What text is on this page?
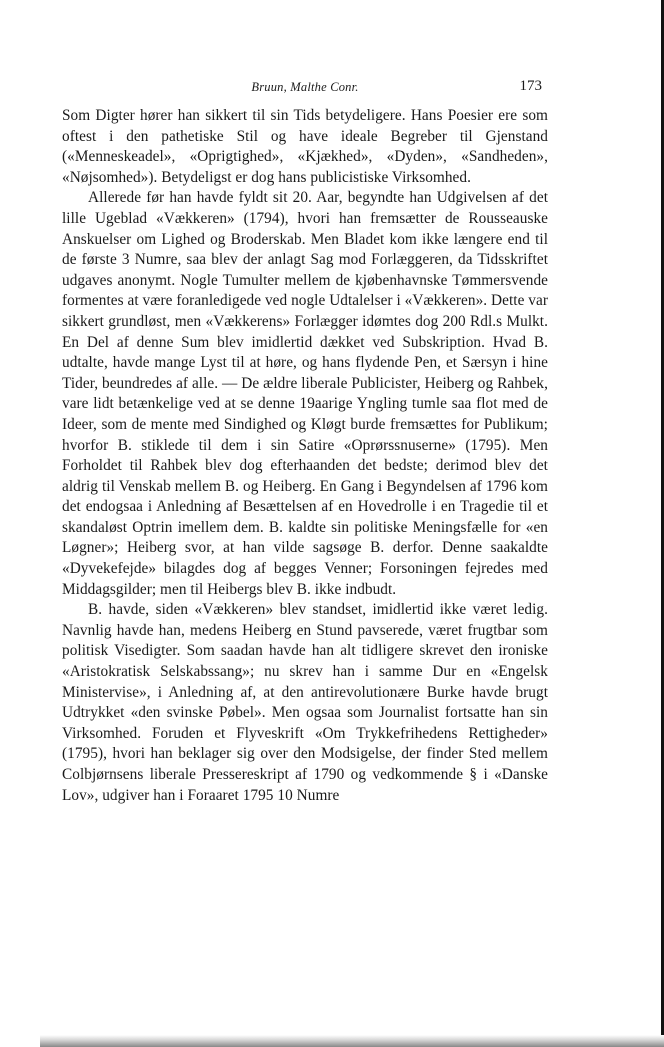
Bruun, Malthe Conr.	173

Som Digter hører han sikkert til sin Tids betydeligere. Hans Poesier ere som oftest i den pathetiske Stil og have ideale Begreber til Gjenstand («Menneskeadel», «Oprigtighed», «Kjækhed», «Dyden», «Sandheden», «Nøjsomhed»). Betydeligst er dog hans publicistiske Virksomhed.

Allerede før han havde fyldt sit 20. Aar, begyndte han Udgivelsen af det lille Ugeblad «Vækkeren» (1794), hvori han fremsætter de Rousseauske Anskuelser om Lighed og Broderskab. Men Bladet kom ikke længere end til de første 3 Numre, saa blev der anlagt Sag mod Forlæggeren, da Tidsskriftet udgaves anonymt. Nogle Tumulter mellem de kjøbenhavnske Tømmersvende formentes at være foranledigede ved nogle Udtalelser i «Vækkeren». Dette var sikkert grundløst, men «Vækkerens» Forlægger idømtes dog 200 Rdl.s Mulkt. En Del af denne Sum blev imidlertid dækket ved Subskription. Hvad B. udtalte, havde mange Lyst til at høre, og hans flydende Pen, et Særsyn i hine Tider, beundredes af alle. — De ældre liberale Publicister, Heiberg og Rahbek, vare lidt betænkelige ved at se denne 19aarige Yngling tumle saa flot med de Ideer, som de mente med Sindighed og Kløgt burde fremsættes for Publikum; hvorfor B. stiklede til dem i sin Satire «Oprørssnuserne» (1795). Men Forholdet til Rahbek blev dog efterhaanden det bedste; derimod blev det aldrig til Venskab mellem B. og Heiberg. En Gang i Begyndelsen af 1796 kom det endogsaa i Anledning af Besættelsen af en Hovedrolle i en Tragedie til et skandaløst Optrin imellem dem. B. kaldte sin politiske Meningsfælle for «en Løgner»; Heiberg svor, at han vilde sagsøge B. derfor. Denne saakaldte «Dyvekefejde» bilagdes dog af begges Venner; Forsoningen fejredes med Middagsgilder; men til Heibergs blev B. ikke indbudt.

B. havde, siden «Vækkeren» blev standset, imidlertid ikke været ledig. Navnlig havde han, medens Heiberg en Stund pavserede, været frugtbar som politisk Visedigter. Som saadan havde han alt tidligere skrevet den ironiske «Aristokratisk Selskabssang»; nu skrev han i samme Dur en «Engelsk Ministervise», i Anledning af, at den antirevolutionære Burke havde brugt Udtrykket «den svinske Pøbel». Men ogsaa som Journalist fortsatte han sin Virksomhed. Foruden et Flyveskrift «Om Trykkefrihedens Rettigheder» (1795), hvori han beklager sig over den Modsigelse, der finder Sted mellem Colbjørnsens liberale Pressereskript af 1790 og vedkommende § i «Danske Lov», udgiver han i Foraaret 1795 10 Numre
